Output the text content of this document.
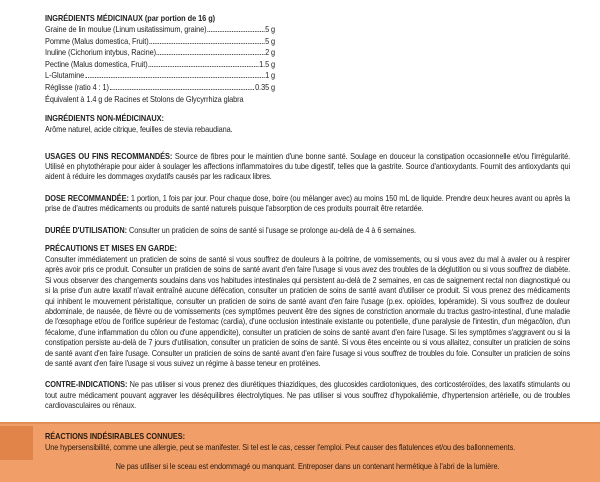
INGRÉDIENTS MÉDICINAUX (par portion de 16 g)
Graine de lin moulue (Linum usitatissimum, graine)	5 g
Pomme (Malus domestica, Fruit)	5 g
Inuline (Cichorium intybus, Racine)	2 g
Pectine (Malus domestica, Fruit)	1.5 g
L-Glutamine	1 g
Réglisse (ratio 4 : 1)	0.35 g
Équivalent à 1.4 g de Racines et Stolons de Glycyrrhiza glabra
INGRÉDIENTS NON-MÉDICINAUX:
Arôme naturel, acide citrique, feuilles de stevia rebaudiana.

USAGES OU FINS RECOMMANDÉS: Source de fibres pour le maintien d'une bonne santé. Soulage en douceur la constipation occasionnelle et/ou l'irrégularité. Utilisé en phytothérapie pour aider à soulager les affections inflammatoires du tube digestif, telles que la gastrite. Source d'antioxydants. Fournit des antioxydants qui aident à réduire les dommages oxydatifs causés par les radicaux libres.

DOSE RECOMMANDÉE: 1 portion, 1 fois par jour. Pour chaque dose, boire (ou mélanger avec) au moins 150 mL de liquide. Prendre deux heures avant ou après la prise de d'autres médicaments ou produits de santé naturels puisque l'absorption de ces produits pourrait être retardée.

DURÉE D'UTILISATION: Consulter un praticien de soins de santé si l'usage se prolonge au-delà de 4 à 6 semaines.

PRÉCAUTIONS ET MISES EN GARDE:

Consulter immédiatement un praticien de soins de santé si vous souffrez de douleurs à la poitrine, de vomissements, ou si vous avez du mal à avaler ou à respirer après avoir pris ce produit. Consulter un praticien de soins de santé avant d'en faire l'usage si vous avez des troubles de la déglutition ou si vous souffrez de diabète. Si vous observer des changements soudains dans vos habitudes intestinales qui persistent au-delà de 2 semaines, en cas de saignement rectal non diagnostiqué ou si la prise d'un autre laxatif n'avait entraîné aucune défécation, consulter un praticien de soins de santé avant d'utiliser ce produit. Si vous prenez des médicaments qui inhibent le mouvement péristaltique, consulter un praticien de soins de santé avant d'en faire l'usage (p.ex. opioïdes, lopéramide). Si vous souffrez de douleur abdominale, de nausée, de fièvre ou de vomissements (ces symptômes peuvent être des signes de constriction anormale du tractus gastro-intestinal, d'une maladie de l'œsophage et/ou de l'orifice supérieur de l'estomac (cardia), d'une occlusion intestinale existante ou potentielle, d'une paralysie de l'intestin, d'un mégacôlon, d'un fécalome, d'une inflammation du côlon ou d'une appendicite), consulter un praticien de soins de santé avant d'en faire l'usage. Si les symptômes s'aggravent ou si la constipation persiste au-delà de 7 jours d'utilisation, consulter un praticien de soins de santé. Si vous êtes enceinte ou si vous allaitez, consulter un praticien de soins de santé avant d'en faire l'usage. Consulter un praticien de soins de santé avant d'en faire l'usage si vous souffrez de troubles du foie. Consulter un praticien de soins de santé avant d'en faire l'usage si vous suivez un régime à basse teneur en protéines.

CONTRE-INDICATIONS: Ne pas utiliser si vous prenez des diurétiques thiazidiques, des glucosides cardiotoniques, des corticostéroïdes, des laxatifs stimulants ou tout autre médicament pouvant aggraver les déséquilibres électrolytiques. Ne pas utiliser si vous souffrez d'hypokaliémie, d'hypertension artérielle, ou de troubles cardiovasculaires ou rénaux.

RÉACTIONS INDÉSIRABLES CONNUES:
Une hypersensibilité, comme une allergie, peut se manifester. Si tel est le cas, cesser l'emploi. Peut causer des flatulences et/ou des ballonnements.
Ne pas utiliser si le sceau est endommagé ou manquant. Entreposer dans un contenant hermétique à l'abri de la lumière.
